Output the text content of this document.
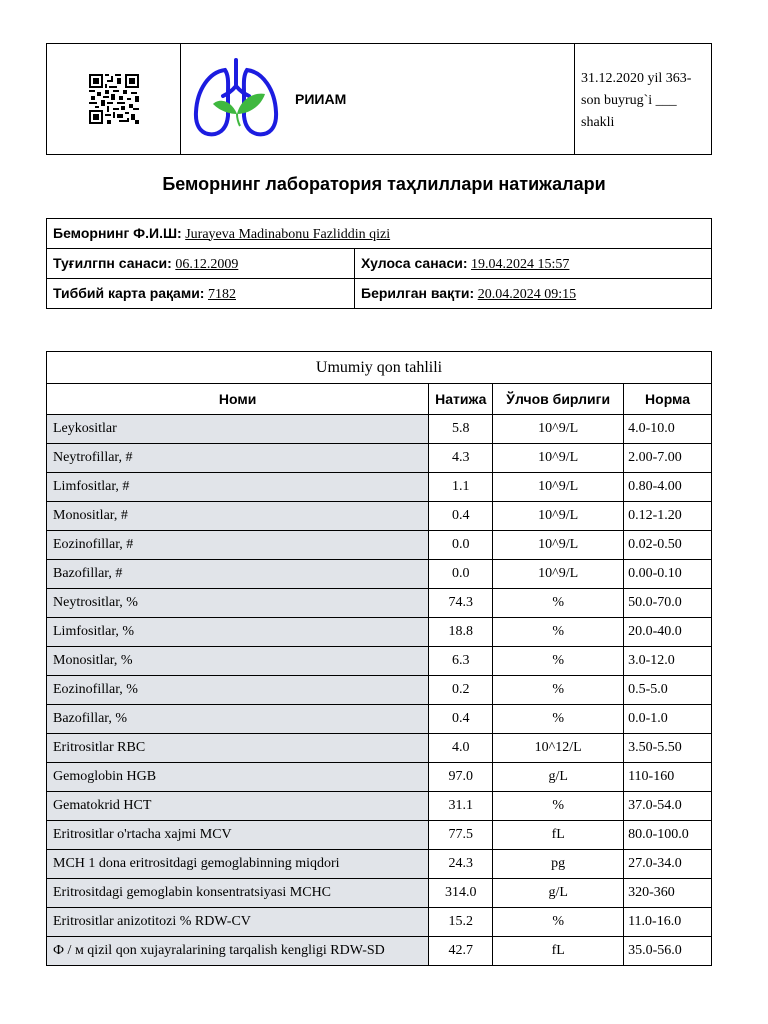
РИИАМ
31.12.2020 yil 363-son buyrug`i ___ shakli
Беморнинг лаборатория таҳлиллари натижалари
Беморнинг Ф.И.Ш: Jurayeva Madinabonu Fazliddin qizi	
Туғилгпн санаси: 06.12.2009	Хулоса санаси: 19.04.2024 15:57
Тиббий карта рақами: 7182	Берилган вақти: 20.04.2024 09:15
Umumiy qon tahlili			
Номи	Натижа	Ўлчов бирлиги	Норма
Leykositlar	5.8	10^9/L	4.0-10.0
Neytrofillar, #	4.3	10^9/L	2.00-7.00
Limfositlar, #	1.1	10^9/L	0.80-4.00
Monositlar, #	0.4	10^9/L	0.12-1.20
Eozinofillar, #	0.0	10^9/L	0.02-0.50
Bazofillar, #	0.0	10^9/L	0.00-0.10
Neytrositlar, %	74.3	%	50.0-70.0
Limfositlar, %	18.8	%	20.0-40.0
Monositlar, %	6.3	%	3.0-12.0
Eozinofillar, %	0.2	%	0.5-5.0
Bazofillar, %	0.4	%	0.0-1.0
Eritrositlar RBC	4.0	10^12/L	3.50-5.50
Gemoglobin HGB	97.0	g/L	110-160
Gematokrid HCT	31.1	%	37.0-54.0
Eritrositlar o'rtacha xajmi MCV	77.5	fL	80.0-100.0
MCH 1 dona eritrositdagi gemoglabinning miqdori	24.3	pg	27.0-34.0
Eritrositdagi gemoglabin konsentratsiyasi MCHC	314.0	g/L	320-360
Eritrositlar anizotitozi % RDW-CV	15.2	%	11.0-16.0
Ф / м qizil qon xujayralarining tarqalish kengligi RDW-SD	42.7	fL	35.0-56.0
